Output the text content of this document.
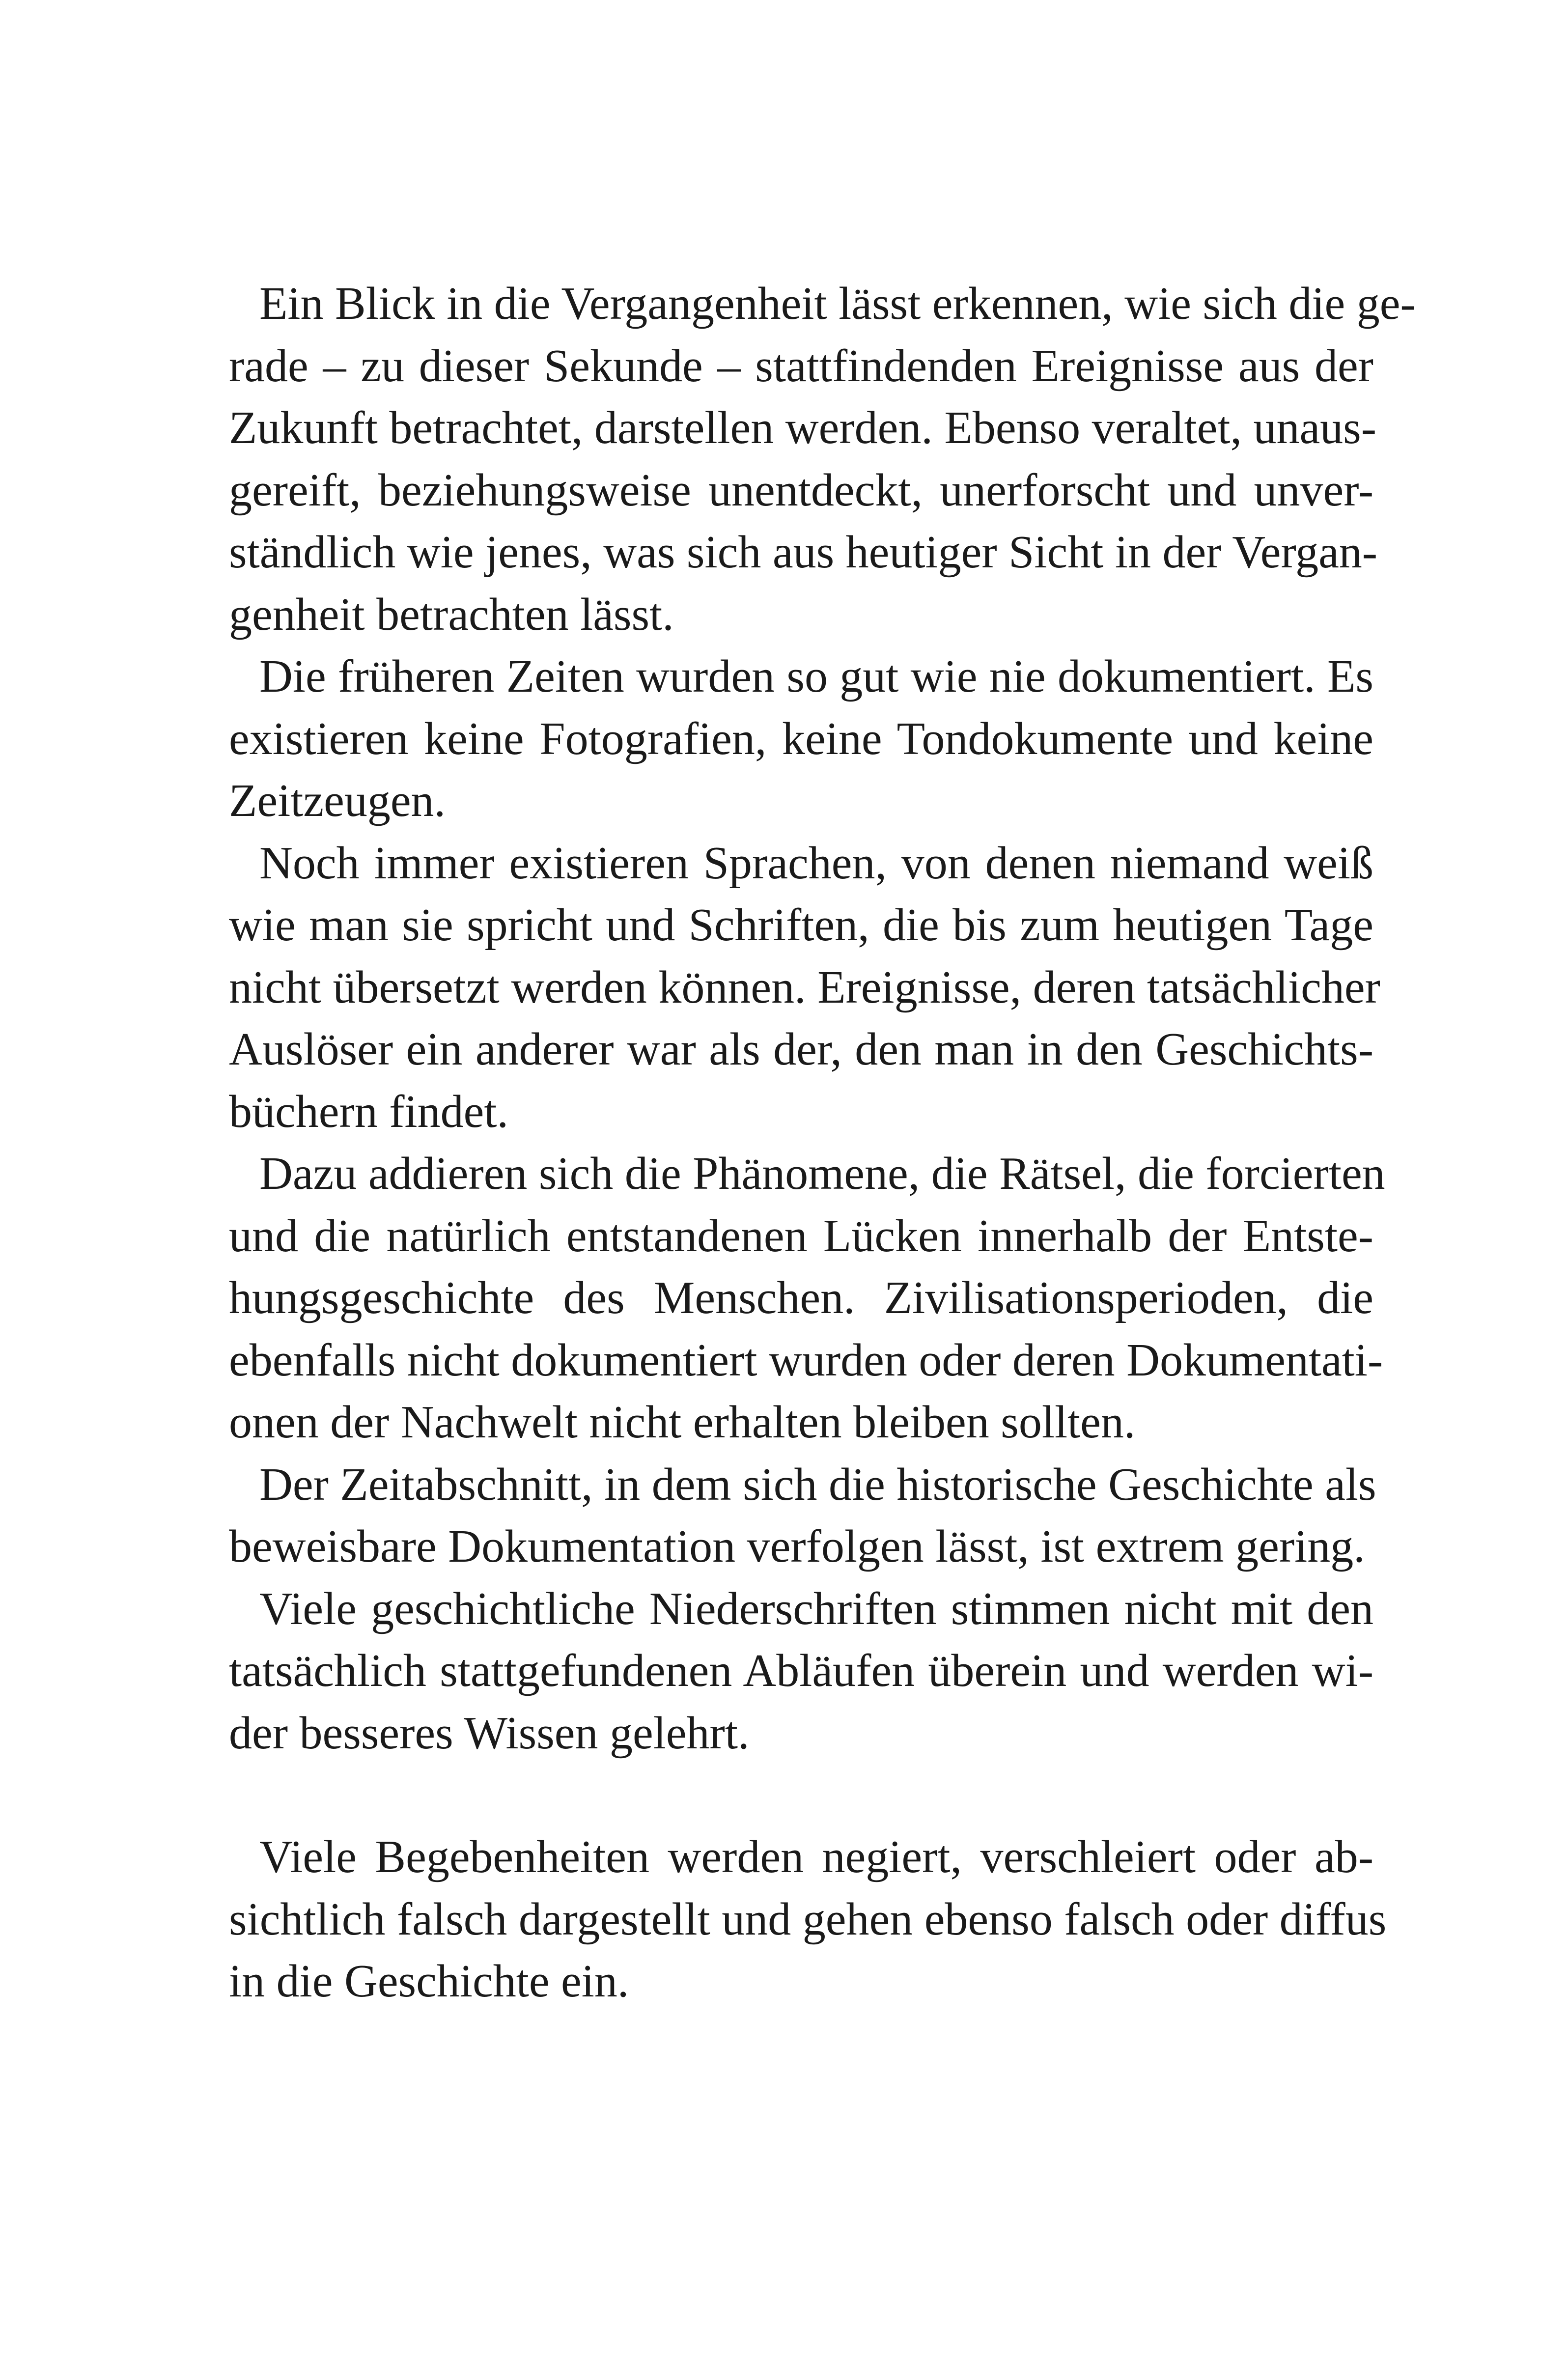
Ein Blick in die Vergangenheit lässt erkennen, wie sich die ge-
rade – zu dieser Sekunde – stattfindenden Ereignisse aus der
Zukunft betrachtet, darstellen werden. Ebenso veraltet, unaus-
gereift, beziehungsweise unentdeckt, unerforscht und unver-
ständlich wie jenes, was sich aus heutiger Sicht in der Vergan-
genheit betrachten lässt.

Die früheren Zeiten wurden so gut wie nie dokumentiert. Es
existieren keine Fotografien, keine Tondokumente und keine
Zeitzeugen.

Noch immer existieren Sprachen, von denen niemand weiß
wie man sie spricht und Schriften, die bis zum heutigen Tage
nicht übersetzt werden können. Ereignisse, deren tatsächlicher
Auslöser ein anderer war als der, den man in den Geschichts-
büchern findet.

Dazu addieren sich die Phänomene, die Rätsel, die forcierten
und die natürlich entstandenen Lücken innerhalb der Entste-
hungsgeschichte des Menschen. Zivilisationsperioden, die
ebenfalls nicht dokumentiert wurden oder deren Dokumentati-
onen der Nachwelt nicht erhalten bleiben sollten.

Der Zeitabschnitt, in dem sich die historische Geschichte als
beweisbare Dokumentation verfolgen lässt, ist extrem gering.

Viele geschichtliche Niederschriften stimmen nicht mit den
tatsächlich stattgefundenen Abläufen überein und werden wi-
der besseres Wissen gelehrt.

Viele Begebenheiten werden negiert, verschleiert oder ab-
sichtlich falsch dargestellt und gehen ebenso falsch oder diffus
in die Geschichte ein.
